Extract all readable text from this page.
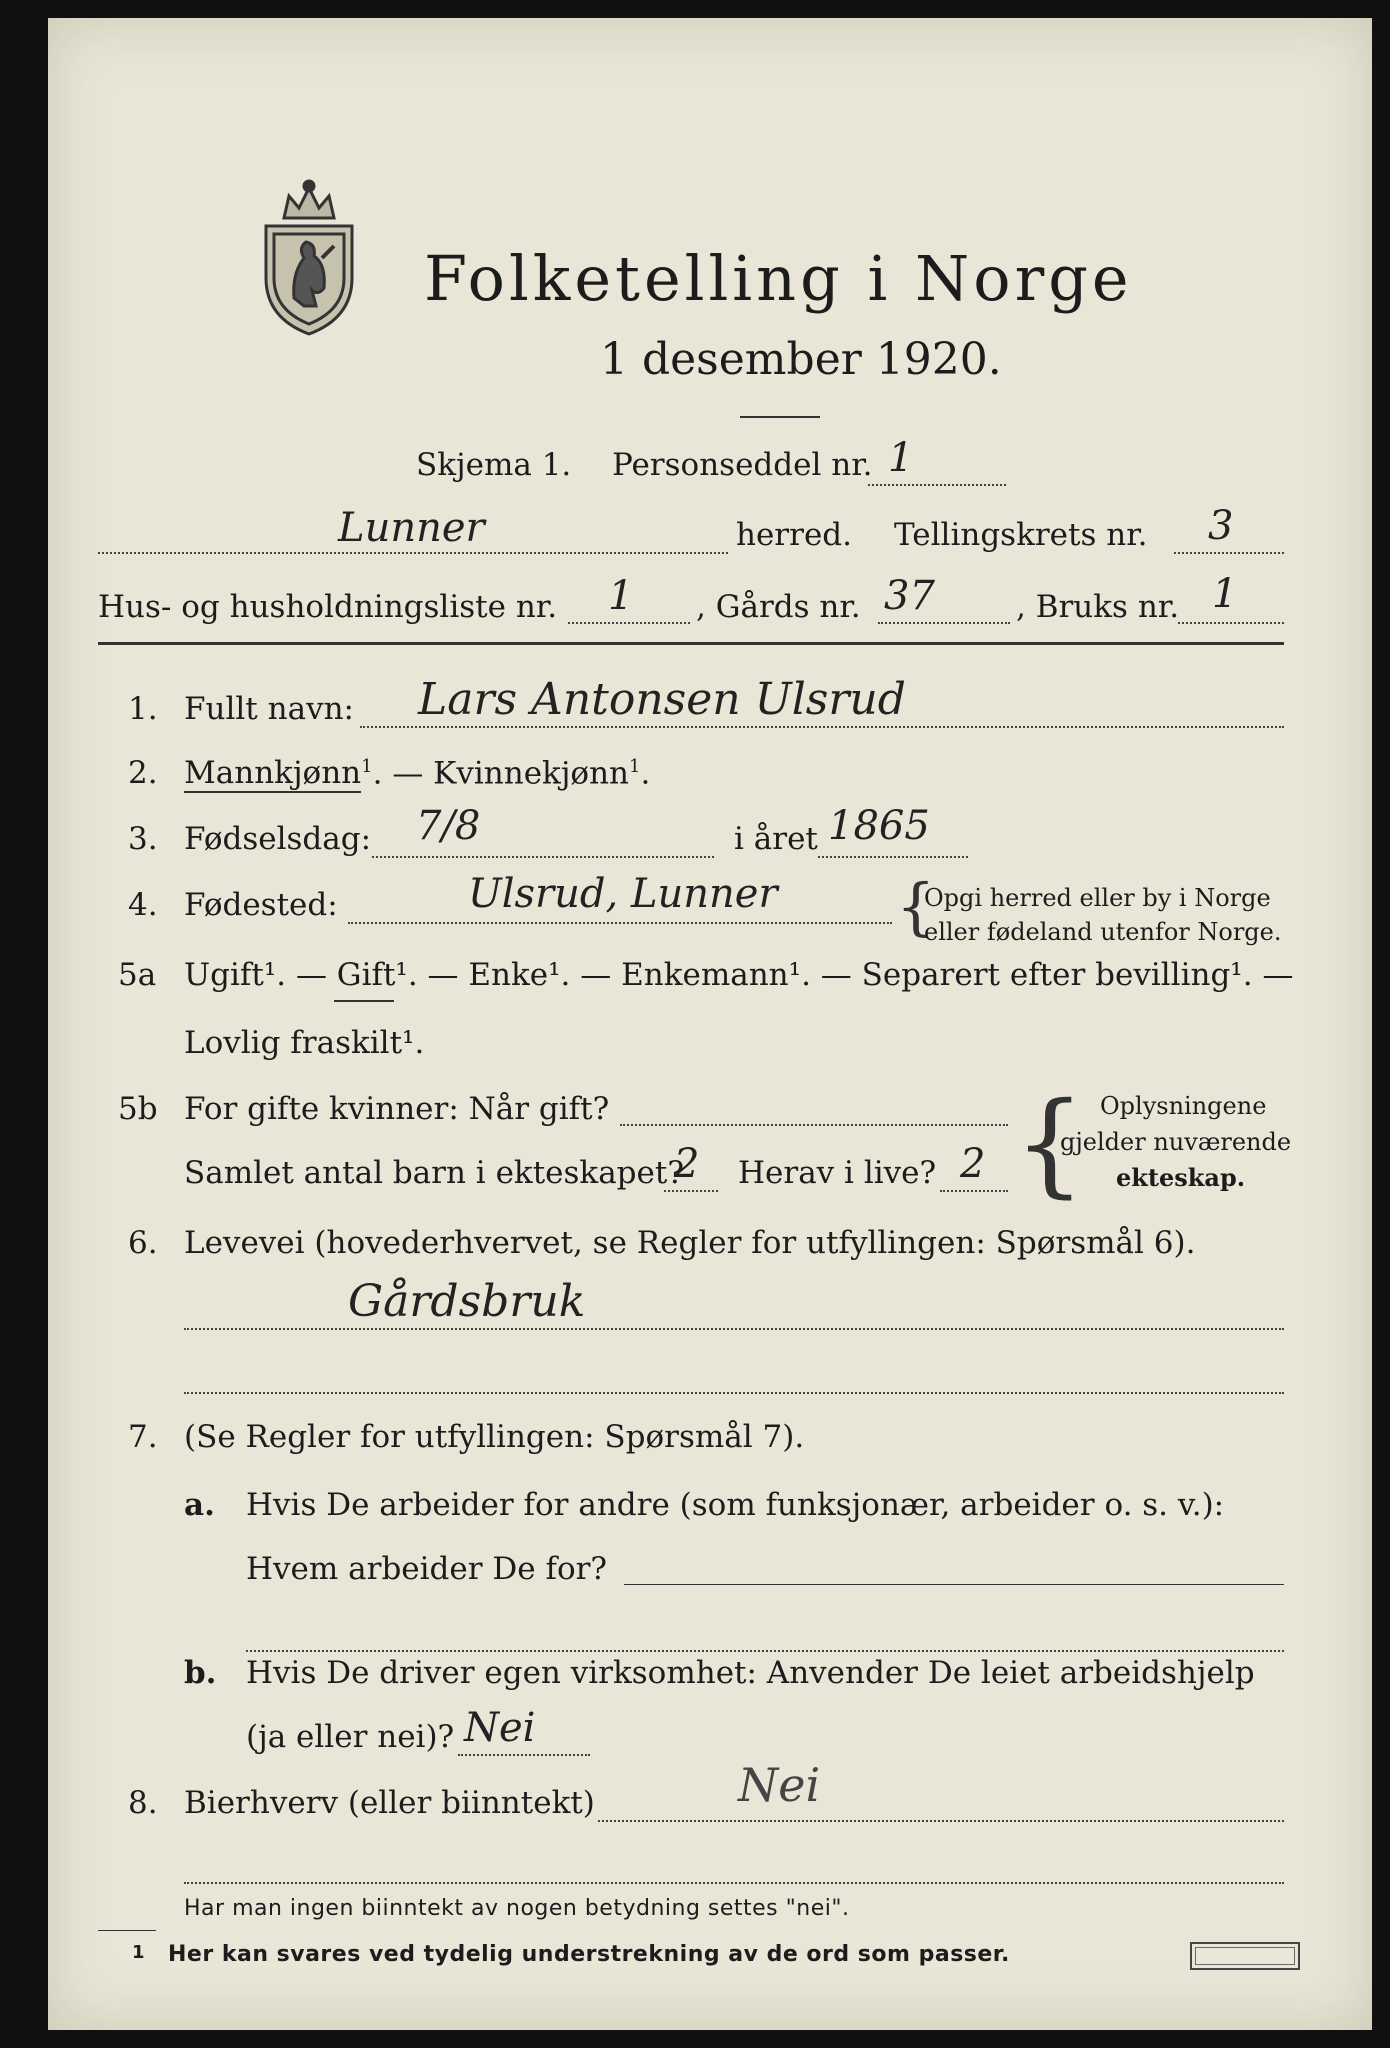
Folketelling i Norge
1 desember 1920.
Skjema 1. Personseddel nr. 1
Lunner	herred. Tellingskrets nr. 3
Hus- og husholdningsliste nr. 1 , Gårds nr. 37	, Bruks nr. 1
1. Fullt navn: Lars Antonsen Ulsrud
2. Mannkjønn$^1$. — Kvinnekjønn$^1$.
3. Fødselsdag: 7/8	i året 1865
4. Fødested:	Ulsrud, Lunner {
Opgi herred eller by i Norge
eller fødeland utenfor Norge.
5a Ugift¹. — Gift¹. — Enke¹. — Enkemann¹. — Separert efter bevilling¹. —
Lovlig fraskilt¹.
5b For gifte kvinner: Når gift?
Samlet antal barn i ekteskapet?
2 Herav i live? 2 { Oplysningene
gjelder nuværende
ekteskap.
6. Levevei (hovederhvervet, se Regler for utfyllingen: Spørsmål 6).
Gårdsbruk
7. (Se Regler for utfyllingen: Spørsmål 7).
a. Hvis De arbeider for andre (som funksjonær, arbeider o. s. v.):
Hvem arbeider De for?
b. Hvis De driver egen virksomhet: Anvender De leiet arbeidshjelp
(ja eller nei)? Nei
8. Bierhverv (eller biinntekt)	Nei
Har man ingen biinntekt av nogen betydning settes "nei".
1 Her kan svares ved tydelig understrekning av de ord som passer.
